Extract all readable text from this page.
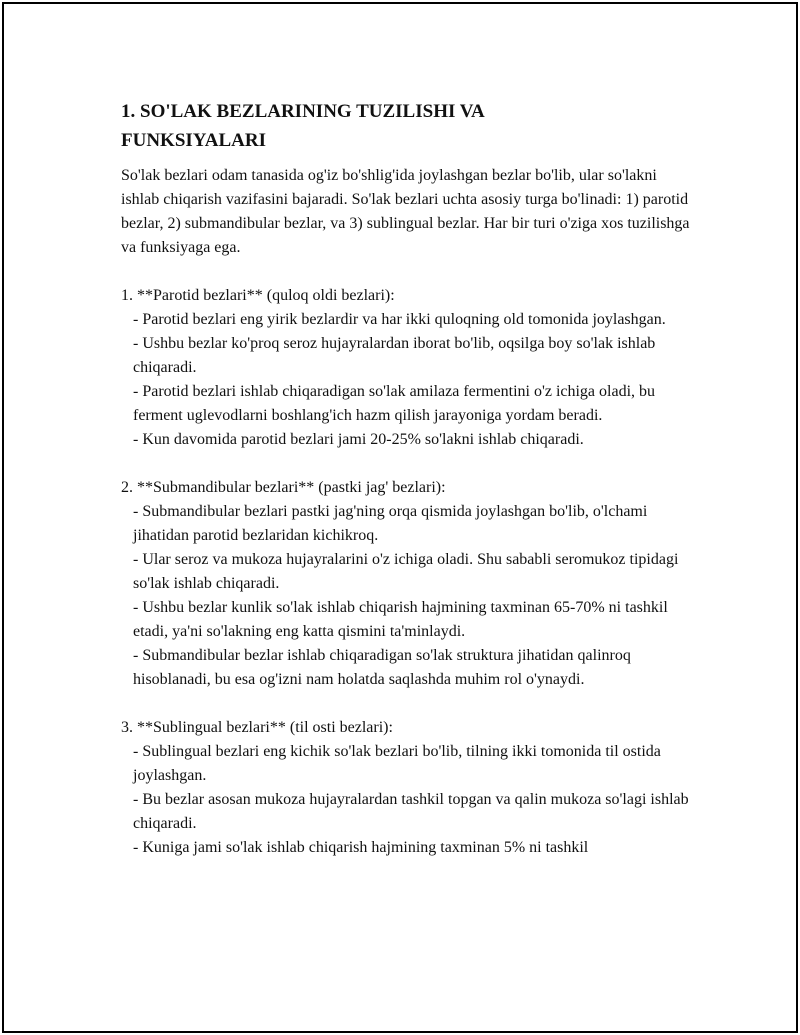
1. SO'LAK BEZLARINING TUZILISHI VA FUNKSIYALARI

So'lak bezlari odam tanasida og'iz bo'shlig'ida joylashgan bezlar bo'lib, ular so'lakni ishlab chiqarish vazifasini bajaradi. So'lak bezlari uchta asosiy turga bo'linadi: 1) parotid bezlar, 2) submandibular bezlar, va 3) sublingual bezlar. Har bir turi o'ziga xos tuzilishga va funksiyaga ega.

1. **Parotid bezlari** (quloq oldi bezlari):

- Parotid bezlari eng yirik bezlardir va har ikki quloqning old tomonida joylashgan.

- Ushbu bezlar ko'proq seroz hujayralardan iborat bo'lib, oqsilga boy so'lak ishlab chiqaradi.

- Parotid bezlari ishlab chiqaradigan so'lak amilaza fermentini o'z ichiga oladi, bu ferment uglevodlarni boshlang'ich hazm qilish jarayoniga yordam beradi.

- Kun davomida parotid bezlari jami 20-25% so'lakni ishlab chiqaradi.

2. **Submandibular bezlari** (pastki jag' bezlari):

- Submandibular bezlari pastki jag'ning orqa qismida joylashgan bo'lib, o'lchami jihatidan parotid bezlaridan kichikroq.

- Ular seroz va mukoza hujayralarini o'z ichiga oladi. Shu sababli seromukoz tipidagi so'lak ishlab chiqaradi.

- Ushbu bezlar kunlik so'lak ishlab chiqarish hajmining taxminan 65-70% ni tashkil etadi, ya'ni so'lakning eng katta qismini ta'minlaydi.

- Submandibular bezlar ishlab chiqaradigan so'lak struktura jihatidan qalinroq hisoblanadi, bu esa og'izni nam holatda saqlashda muhim rol o'ynaydi.

3. **Sublingual bezlari** (til osti bezlari):

- Sublingual bezlari eng kichik so'lak bezlari bo'lib, tilning ikki tomonida til ostida joylashgan.

- Bu bezlar asosan mukoza hujayralardan tashkil topgan va qalin mukoza so'lagi ishlab chiqaradi.

- Kuniga jami so'lak ishlab chiqarish hajmining taxminan 5% ni tashkil
